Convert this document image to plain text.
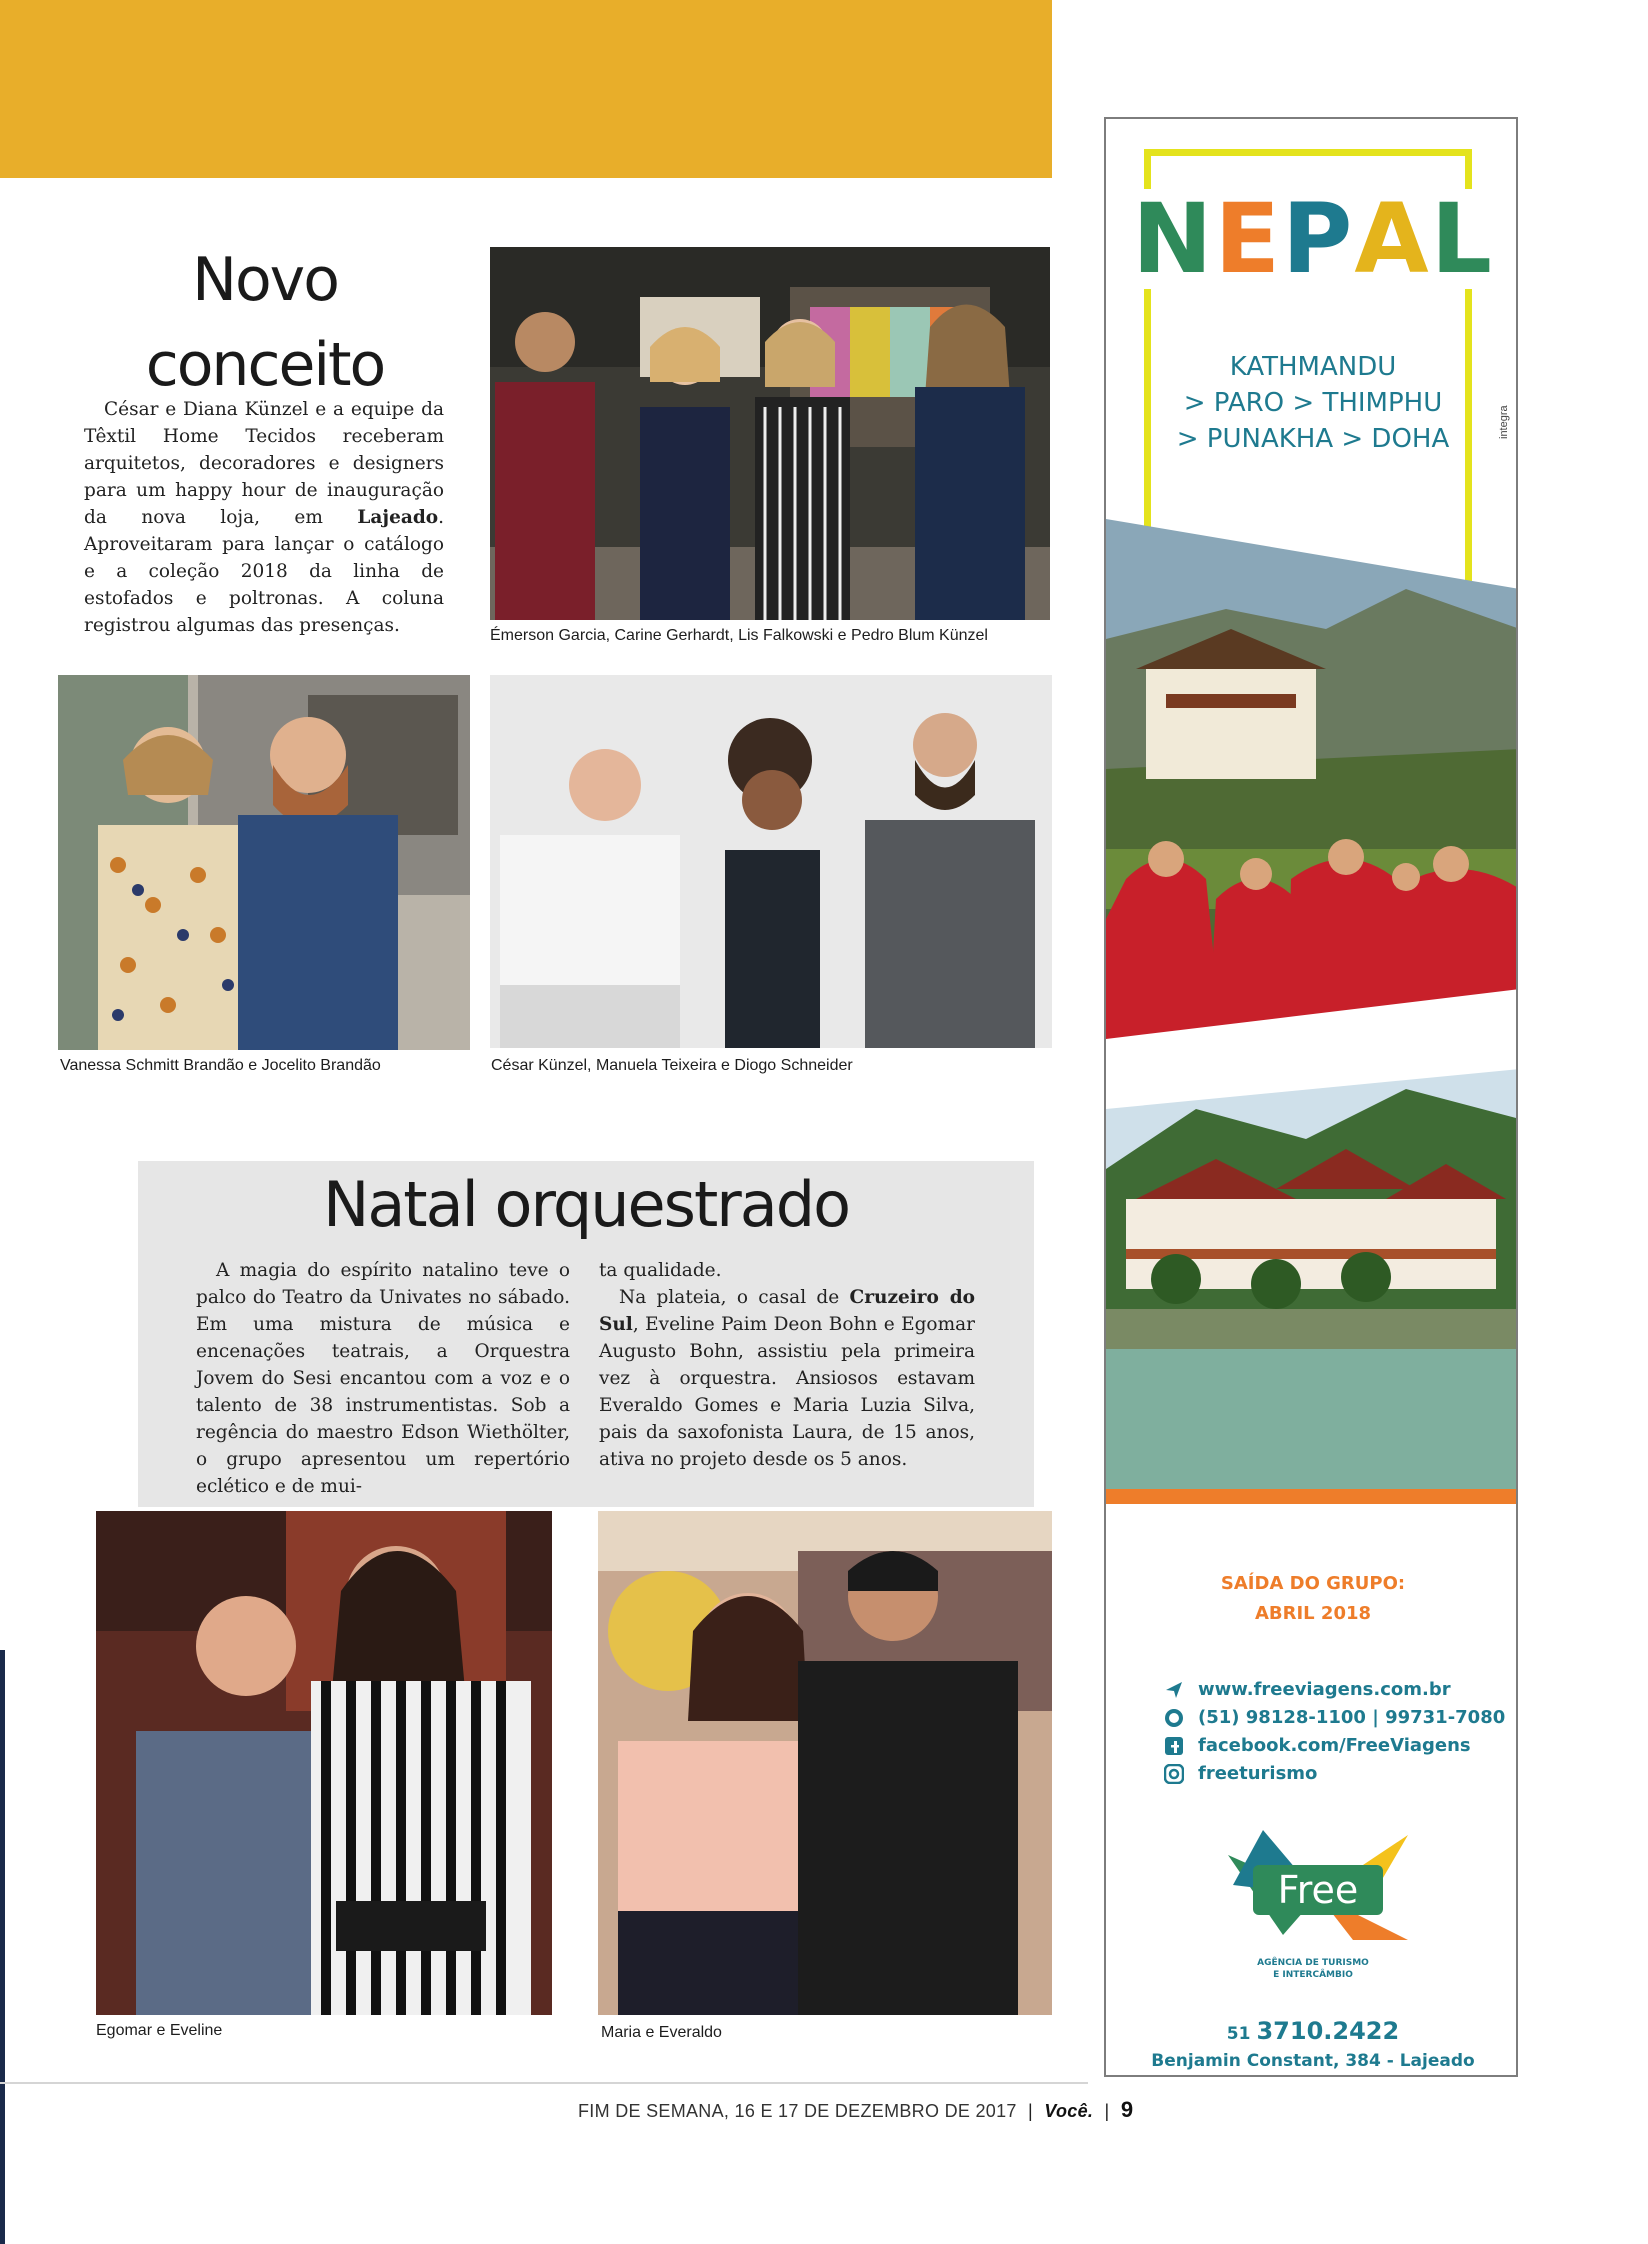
Novo
conceito

César e Diana Künzel e a equipe da Têxtil Home Tecidos receberam arquitetos, decoradores e designers para um happy hour de inauguração da nova loja, em Lajeado. Aproveitaram para lançar o catálogo e a coleção 2018 da linha de estofados e poltronas. A coluna registrou algumas das presenças.	Émerson Garcia, Carine Gerhardt, Lis Falkowski e Pedro Blum Künzel
Vanessa Schmitt Brandão e Jocelito Brandão	César Künzel, Manuela Teixeira e Diogo Schneider
Natal orquestrado

A magia do espírito natalino teve o palco do Teatro da Univates no sábado. Em uma mistura de música e encenações teatrais, a Orquestra Jovem do Sesi encantou com a voz e o talento de 38 instrumentistas. Sob a regência do maestro Edson Wiethölter, o grupo apresentou um repertório eclético e de mui-

ta qualidade.

Na plateia, o casal de Cruzeiro do Sul, Eveline Paim Deon Bohn e Egomar Augusto Bohn, assistiu pela primeira vez à orquestra. Ansiosos estavam Everaldo Gomes e Maria Luzia Silva, pais da saxofonista Laura, de 15 anos, ativa no projeto desde os 5 anos.

Egomar e Eveline	Maria e Everaldo
FIM DE SEMANA, 16 E 17 DE DEZEMBRO DE 2017 | Você. | 9
NEPAL
KATHMANDU
> PARO > THIMPHU
> PUNAKHA > DOHA	integra
SAÍDA DO GRUPO:
ABRIL 2018
www.freeviagens.com.br
(51) 98128-1100 | 99731-7080
facebook.com/FreeViagens
freeturismo
Free
AGÊNCIA DE TURISMO
E INTERCÂMBIO
51 3710.2422
Benjamin Constant, 384 - Lajeado
